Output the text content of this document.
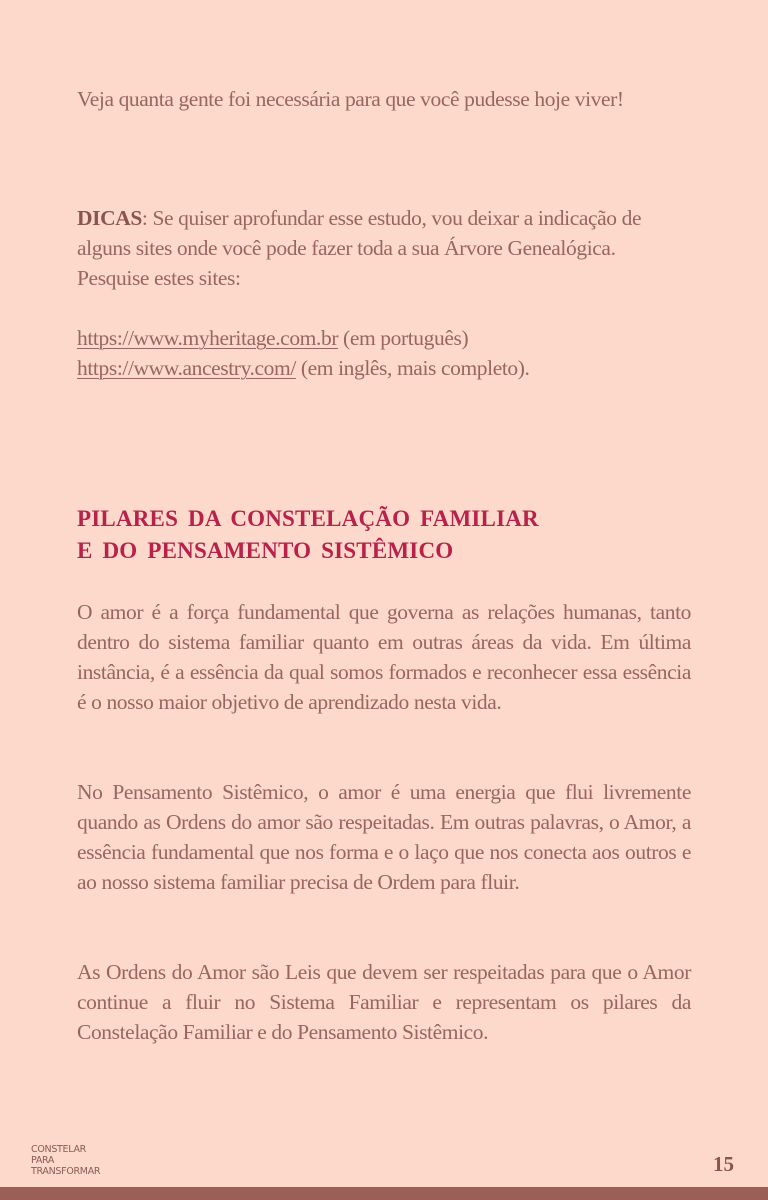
Veja quanta gente foi necessária para que você pudesse hoje viver!

DICAS: Se quiser aprofundar esse estudo, vou deixar a indicação de alguns sites onde você pode fazer toda a sua Árvore Genealógica. Pesquise estes sites:

https://www.myheritage.com.br (em português)

https://www.ancestry.com/ (em inglês, mais completo).

PILARES DA CONSTELAÇÃO FAMILIAR
E DO PENSAMENTO SISTÊMICO

O amor é a força fundamental que governa as relações humanas, tanto dentro do sistema familiar quanto em outras áreas da vida. Em última instância, é a essência da qual somos formados e reconhecer essa essência é o nosso maior objetivo de aprendizado nesta vida.

No Pensamento Sistêmico, o amor é uma energia que flui livremente quando as Ordens do amor são respeitadas. Em outras palavras, o Amor, a essência fundamental que nos forma e o laço que nos conecta aos outros e ao nosso sistema familiar precisa de Ordem para fluir.

As Ordens do Amor são Leis que devem ser respeitadas para que o Amor continue a fluir no Sistema Familiar e representam os pilares da Constelação Familiar e do Pensamento Sistêmico.

CONSTELAR
PARA
TRANSFORMAR	15
